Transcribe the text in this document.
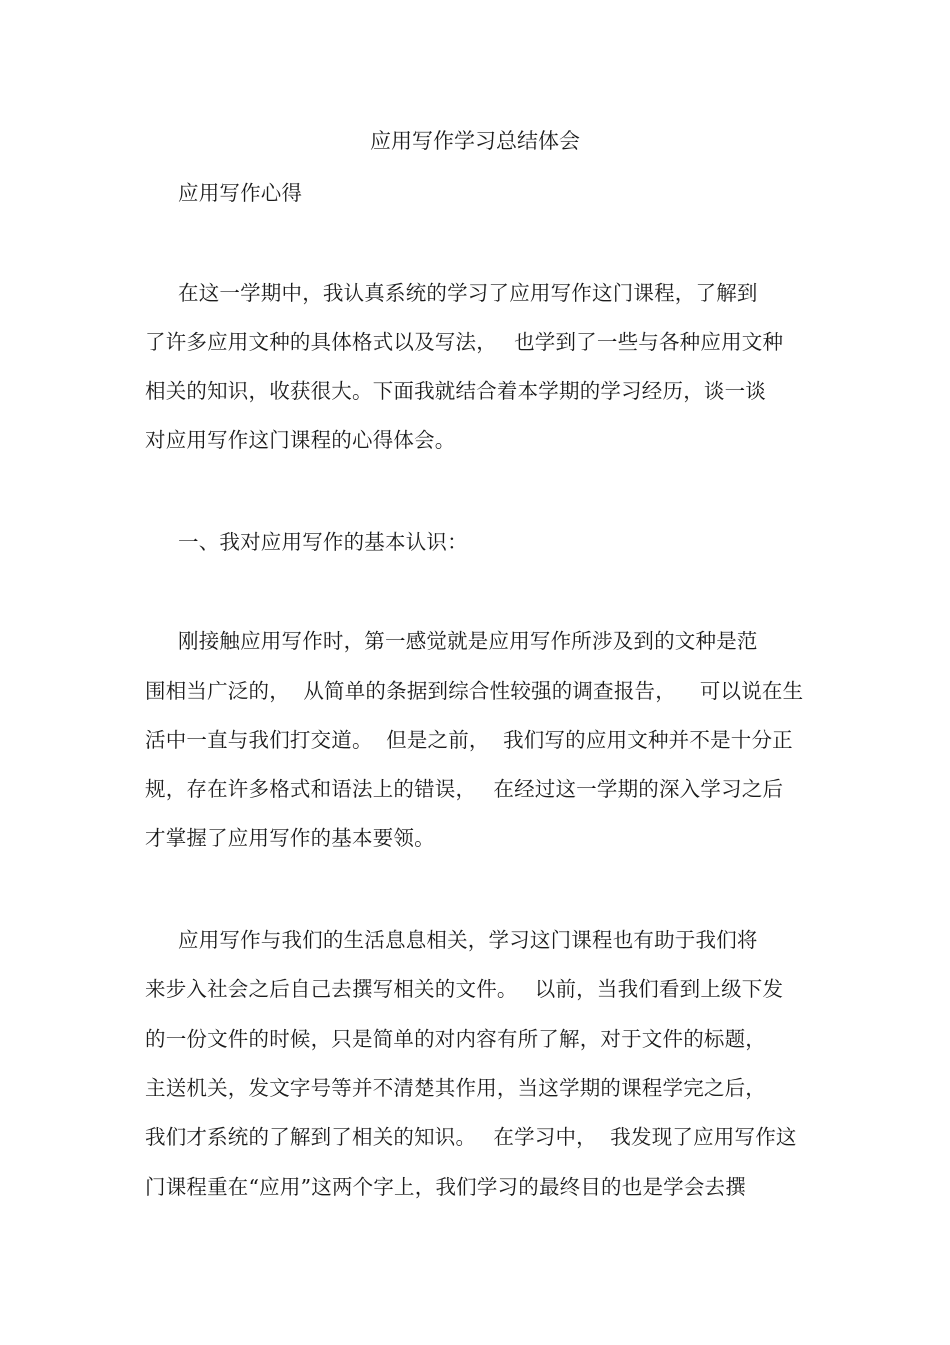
应用写作学习总结体会
应用写作心得
在这一学期中，我认真系统的学习了应用写作这门课程，了解到
了许多应用文种的具体格式以及写法，　 也学到了一些与各种应用文种
相关的知识，收获很大。下面我就结合着本学期的学习经历，谈一谈
对应用写作这门课程的心得体会。
一、我对应用写作的基本认识：
刚接触应用写作时，第一感觉就是应用写作所涉及到的文种是范
围相当广泛的，  从简单的条据到综合性较强的调查报告，　  可以说在生
活中一直与我们打交道。  但是之前，  我们写的应用文种并不是十分正
规，存在许多格式和语法上的错误，　 在经过这一学期的深入学习之后
才掌握了应用写作的基本要领。
应用写作与我们的生活息息相关，学习这门课程也有助于我们将
来步入社会之后自己去撰写相关的文件。　 以前，当我们看到上级下发
的一份文件的时候，只是简单的对内容有所了解，对于文件的标题，
主送机关，发文字号等并不清楚其作用，当这学期的课程学完之后，
我们才系统的了解到了相关的知识。　 在学习中，  我发现了应用写作这
门课程重在“应用”这两个字上，我们学习的最终目的也是学会去撰
